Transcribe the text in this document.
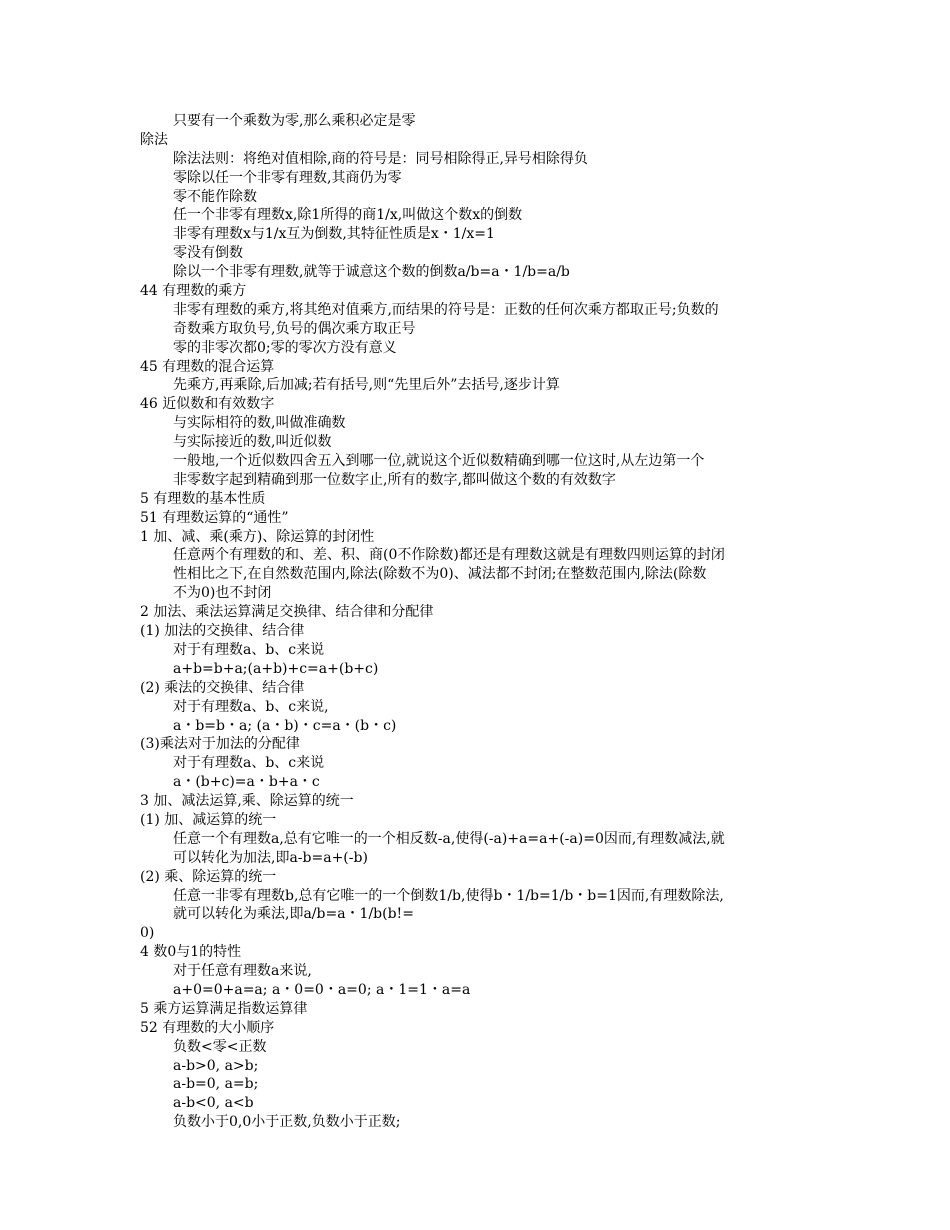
只要有一个乘数为零,那么乘积必定是零
除法
除法法则：将绝对值相除,商的符号是：同号相除得正,异号相除得负
零除以任一个非零有理数,其商仍为零
零不能作除数
任一个非零有理数x,除1所得的商1/x,叫做这个数x的倒数
非零有理数x与1/x互为倒数,其特征性质是x・1/x=1
零没有倒数
除以一个非零有理数,就等于诚意这个数的倒数a/b=a・1/b=a/b
44 有理数的乘方
非零有理数的乘方,将其绝对值乘方,而结果的符号是：正数的任何次乘方都取正号;负数的
奇数乘方取负号,负号的偶次乘方取正号
零的非零次都0;零的零次方没有意义
45 有理数的混合运算
先乘方,再乘除,后加减;若有括号,则“先里后外”去括号,逐步计算
46 近似数和有效数字
与实际相符的数,叫做准确数
与实际接近的数,叫近似数
一般地,一个近似数四舍五入到哪一位,就说这个近似数精确到哪一位这时,从左边第一个
非零数字起到精确到那一位数字止,所有的数字,都叫做这个数的有效数字
5 有理数的基本性质
51 有理数运算的“通性”
1 加、减、乘(乘方)、除运算的封闭性
任意两个有理数的和、差、积、商(0不作除数)都还是有理数这就是有理数四则运算的封闭
性相比之下,在自然数范围内,除法(除数不为0)、减法都不封闭;在整数范围内,除法(除数
不为0)也不封闭
2 加法、乘法运算满足交换律、结合律和分配律
(1) 加法的交换律、结合律
对于有理数a、b、c来说
a+b=b+a;(a+b)+c=a+(b+c)
(2) 乘法的交换律、结合律
对于有理数a、b、c来说,
a・b=b・a; (a・b)・c=a・(b・c)
(3)乘法对于加法的分配律
对于有理数a、b、c来说
a・(b+c)=a・b+a・c
3 加、减法运算,乘、除运算的统一
(1) 加、减运算的统一
任意一个有理数a,总有它唯一的一个相反数-a,使得(-a)+a=a+(-a)=0因而,有理数减法,就
可以转化为加法,即a-b=a+(-b)
(2) 乘、除运算的统一
任意一非零有理数b,总有它唯一的一个倒数1/b,使得b・1/b=1/b・b=1因而,有理数除法,
就可以转化为乘法,即a/b=a・1/b(b!=
0)
4 数0与1的特性
对于任意有理数a来说,
a+0=0+a=a; a・0=0・a=0; a・1=1・a=a
5 乘方运算满足指数运算律
52 有理数的大小顺序
负数<零<正数
a-b>0, a>b;
a-b=0, a=b;
a-b<0, a<b
负数小于0,0小于正数,负数小于正数;
